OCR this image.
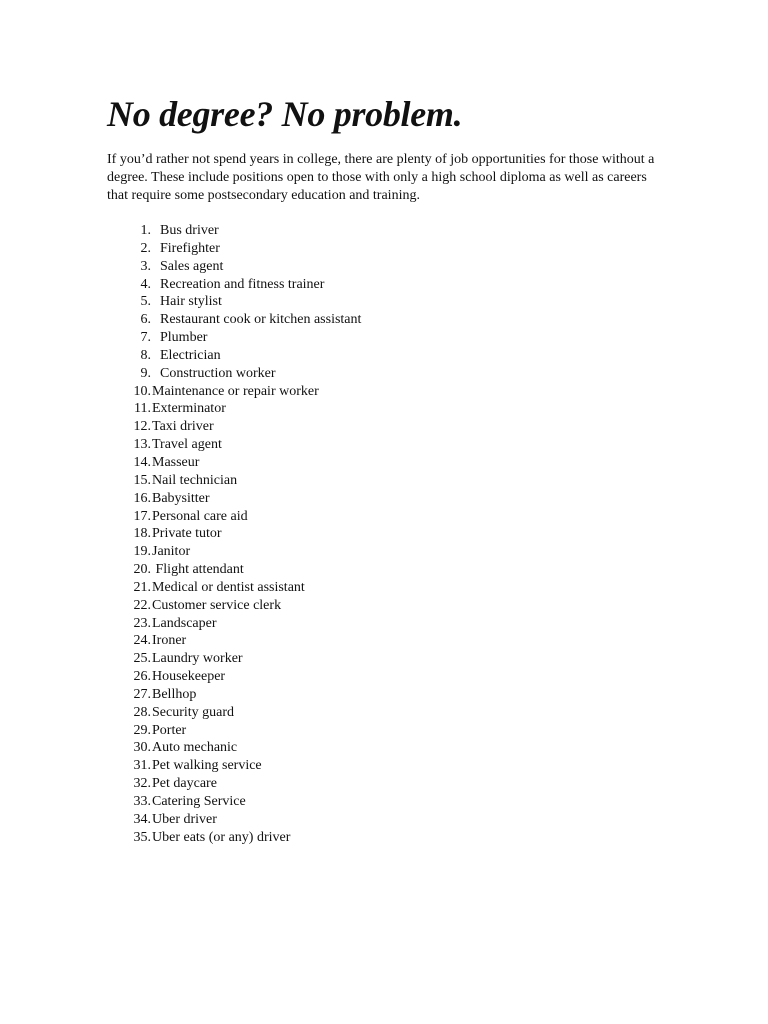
No degree? No problem.

If you’d rather not spend years in college, there are plenty of job opportunities for those without a degree. These include positions open to those with only a high school diploma as well as careers that require some postsecondary education and training.

1. Bus driver
2. Firefighter
3. Sales agent
4. Recreation and fitness trainer
5. Hair stylist
6. Restaurant cook or kitchen assistant
7. Plumber
8. Electrician
9. Construction worker
10.Maintenance or repair worker
11.Exterminator
12.Taxi driver
13.Travel agent
14.Masseur
15.Nail technician
16.Babysitter
17.Personal care aid
18.Private tutor
19.Janitor
20. Flight attendant
21.Medical or dentist assistant
22.Customer service clerk
23.Landscaper
24.Ironer
25.Laundry worker
26.Housekeeper
27.Bellhop
28.Security guard
29.Porter
30.Auto mechanic
31.Pet walking service
32.Pet daycare
33.Catering Service
34.Uber driver
35.Uber eats (or any) driver
